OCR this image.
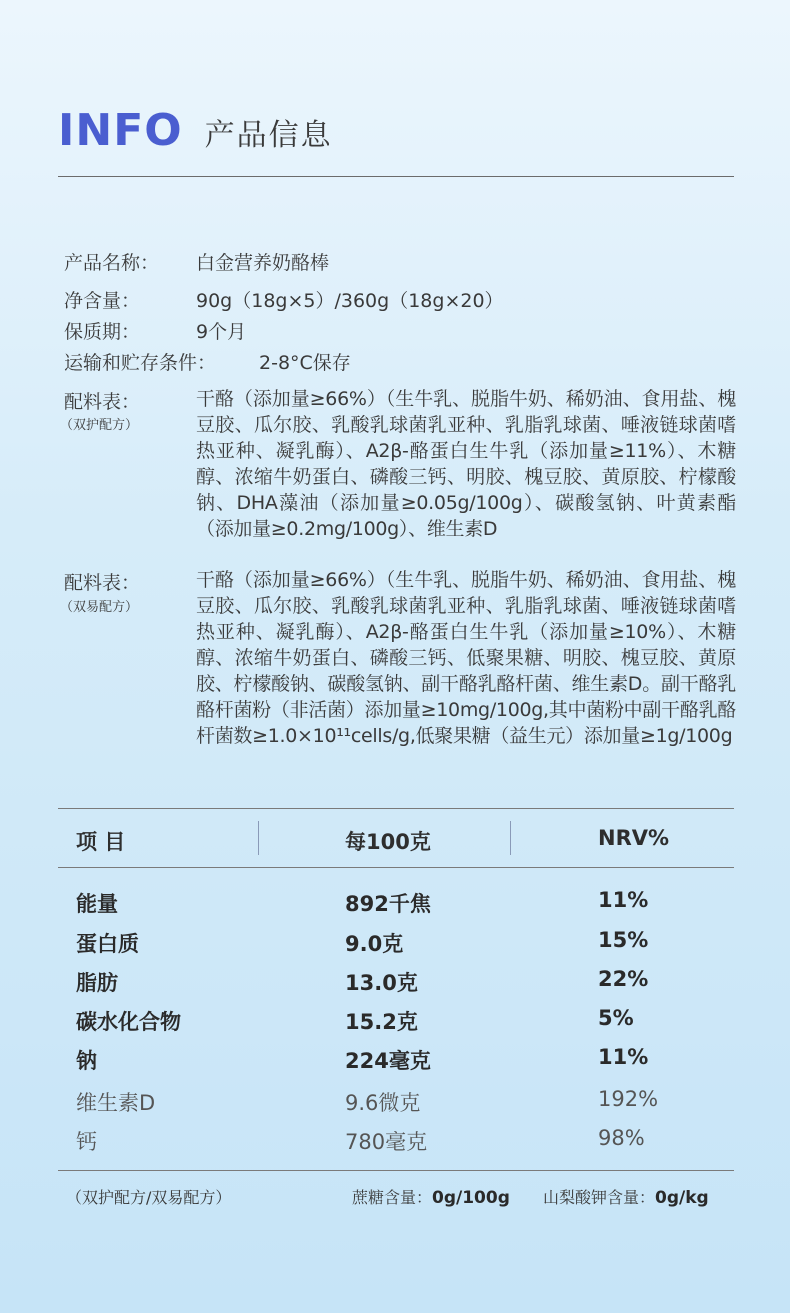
INFO 产品信息
产品名称： 白金营养奶酪棒
净含量：	90g（18g×5）/360g（18g×20）
保质期：	9个月
运输和贮存条件： 2-8°C保存
配料表：
（双护配方）
干酪（添加量≥66%）（生牛乳、脱脂牛奶、稀奶油、食用盐、槐豆胶、瓜尔胶、乳酸乳球菌乳亚种、乳脂乳球菌、唾液链球菌嗜热亚种、凝乳酶）、A2β-酪蛋白生牛乳（添加量≥11%）、木糖醇、浓缩牛奶蛋白、磷酸三钙、明胶、槐豆胶、黄原胶、柠檬酸钠、DHA藻油（添加量≥0.05g/100g）、碳酸氢钠、叶黄素酯（添加量≥0.2mg/100g）、维生素D
配料表：
（双易配方）
干酪（添加量≥66%）（生牛乳、脱脂牛奶、稀奶油、食用盐、槐豆胶、瓜尔胶、乳酸乳球菌乳亚种、乳脂乳球菌、唾液链球菌嗜热亚种、凝乳酶）、A2β-酪蛋白生牛乳（添加量≥10%）、木糖醇、浓缩牛奶蛋白、磷酸三钙、低聚果糖、明胶、槐豆胶、黄原胶、柠檬酸钠、碳酸氢钠、副干酪乳酪杆菌、维生素D。副干酪乳酪杆菌粉（非活菌）添加量≥10mg/100g,其中菌粉中副干酪乳酪杆菌数≥1.0×10¹¹cells/g,低聚果糖（益生元）添加量≥1g/100g
项 目	每100克	NRV%
能量	892千焦	11%
蛋白质	9.0克	15%
脂肪	13.0克	22%
碳水化合物	15.2克	5%
钠	224毫克	11%
维生素D	9.6微克	192%
钙	780毫克	98%
（双护配方/双易配方）	蔗糖含量：0g/100g 山梨酸钾含量：0g/kg
